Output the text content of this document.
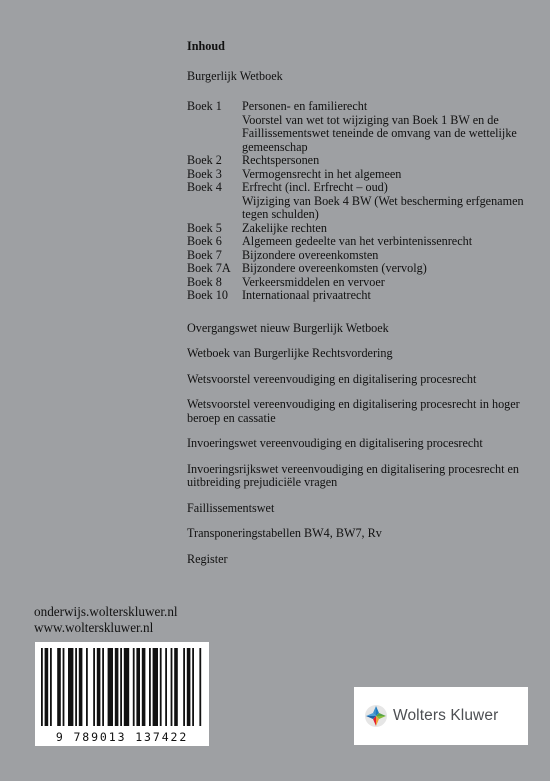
Inhoud
Burgerlijk Wetboek
Boek 1	Personen- en familierecht
Voorstel van wet tot wijziging van Boek 1 BW en de Faillissementswet teneinde de omvang van de wettelijke gemeenschap
Boek 2	Rechtspersonen
Boek 3	Vermogensrecht in het algemeen
Boek 4	Erfrecht (incl. Erfrecht – oud)
Wijziging van Boek 4 BW (Wet bescherming erfgenamen tegen schulden)
Boek 5	Zakelijke rechten
Boek 6	Algemeen gedeelte van het verbintenissenrecht
Boek 7	Bijzondere overeenkomsten
Boek 7A Bijzondere overeenkomsten (vervolg)
Boek 8	Verkeersmiddelen en vervoer
Boek 10	Internationaal privaatrecht
Overgangswet nieuw Burgerlijk Wetboek
Wetboek van Burgerlijke Rechtsvordering
Wetsvoorstel vereenvoudiging en digitalisering procesrecht
Wetsvoorstel vereenvoudiging en digitalisering procesrecht in hoger beroep en cassatie
Invoeringswet vereenvoudiging en digitalisering procesrecht
Invoeringsrijkswet vereenvoudiging en digitalisering procesrecht en uitbreiding prejudiciële vragen
Faillissementswet
Transponeringstabellen BW4, BW7, Rv
Register
onderwijs.wolterskluwer.nl
www.wolterskluwer.nl
9 789013 137422
Wolters Kluwer
